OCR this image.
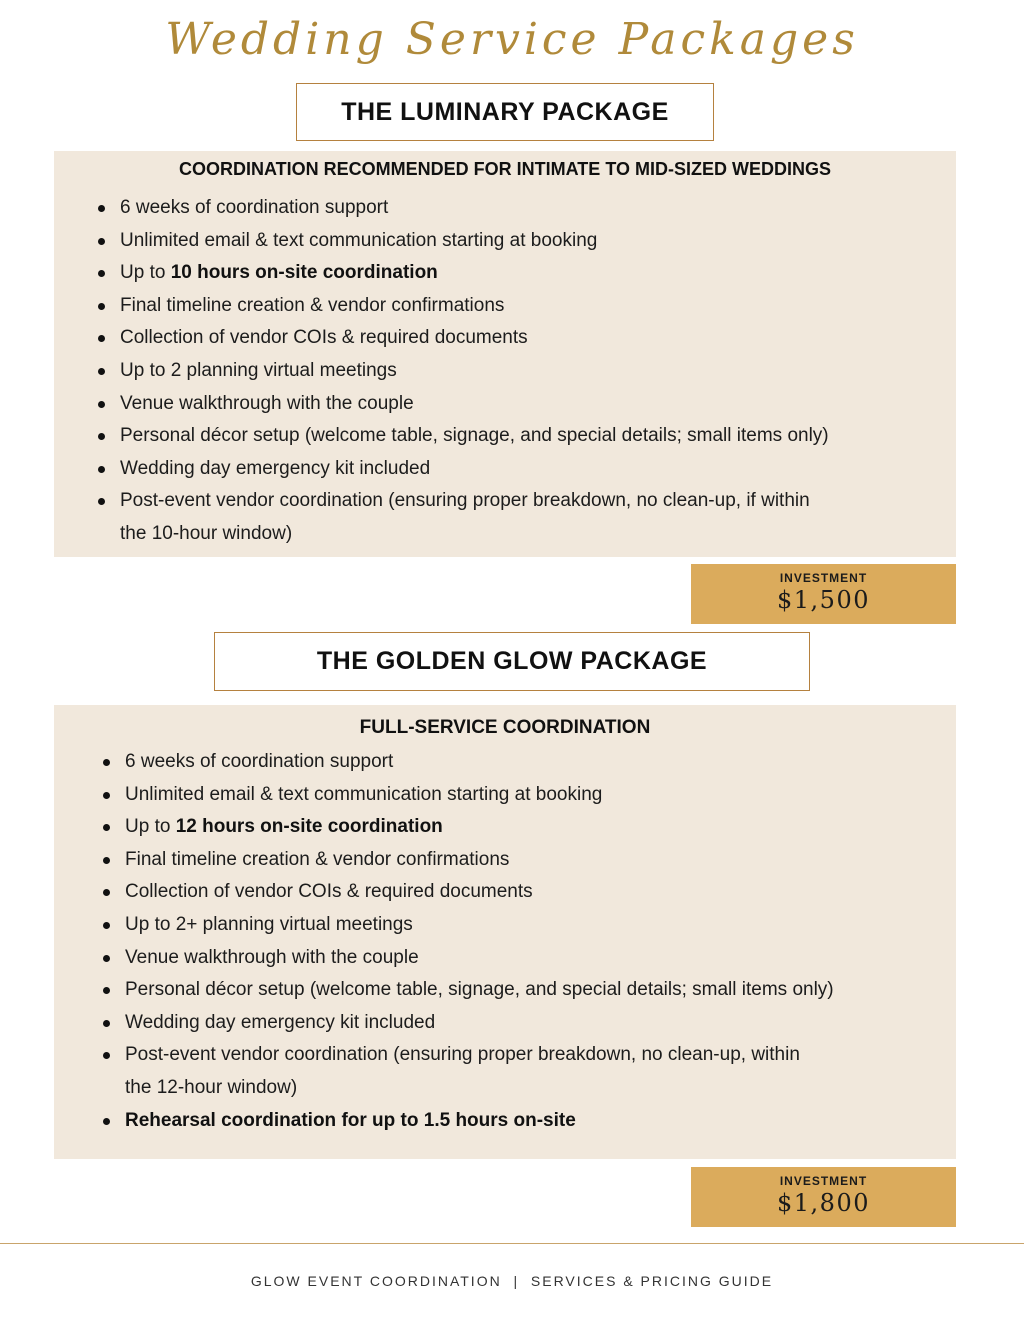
Wedding Service Packages
THE LUMINARY PACKAGE
COORDINATION RECOMMENDED FOR INTIMATE TO MID-SIZED WEDDINGS
6 weeks of coordination support
Unlimited email & text communication starting at booking
Up to 10 hours on-site coordination
Final timeline creation & vendor confirmations
Collection of vendor COIs & required documents
Up to 2 planning virtual meetings
Venue walkthrough with the couple
Personal décor setup (welcome table, signage, and special details; small items only)
Wedding day emergency kit included
Post-event vendor coordination (ensuring proper breakdown, no clean-up, if within
the 10-hour window)
INVESTMENT
$1,500
THE GOLDEN GLOW PACKAGE
FULL-SERVICE COORDINATION
6 weeks of coordination support
Unlimited email & text communication starting at booking
Up to 12 hours on-site coordination
Final timeline creation & vendor confirmations
Collection of vendor COIs & required documents
Up to 2+ planning virtual meetings
Venue walkthrough with the couple
Personal décor setup (welcome table, signage, and special details; small items only)
Wedding day emergency kit included
Post-event vendor coordination (ensuring proper breakdown, no clean-up, within
the 12-hour window)
Rehearsal coordination for up to 1.5 hours on-site
INVESTMENT
$1,800
GLOW EVENT COORDINATION  |  SERVICES & PRICING GUIDE
